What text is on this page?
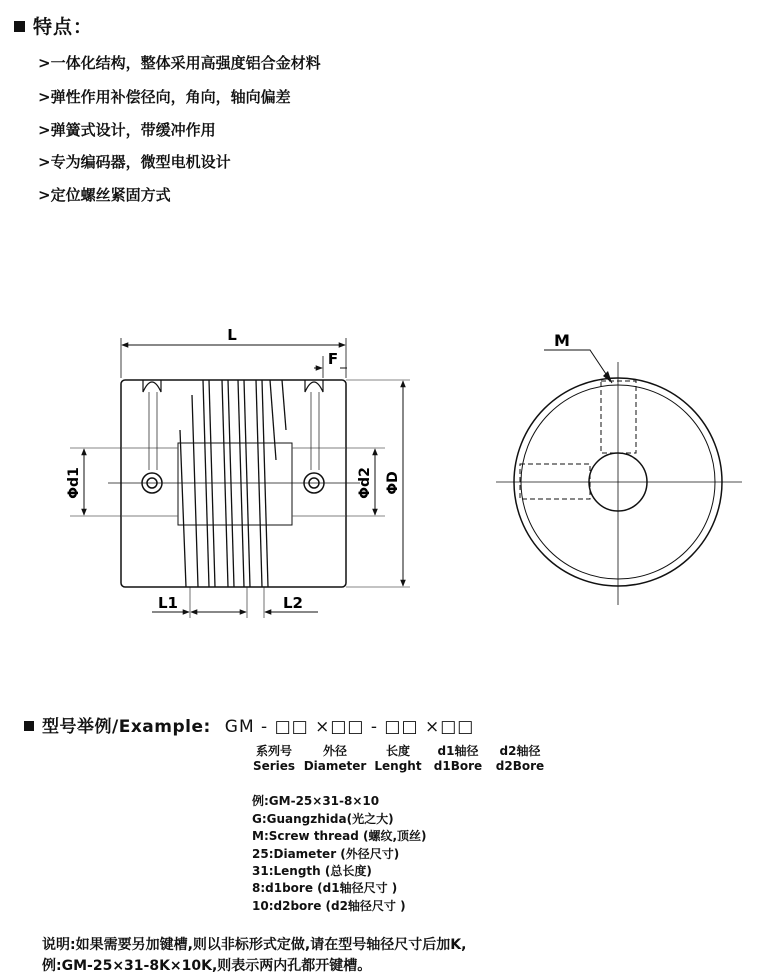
特点：
>一体化结构，整体采用高强度铝合金材料
>弹性作用补偿径向，角向，轴向偏差
>弹簧式设计，带缓冲作用
>专为编码器，微型电机设计
>定位螺丝紧固方式
L
F
Φd1	Φd2 ΦD
L1	L2
M
型号举例/Example: GM - □□ ×□□ - □□ ×□□
系列号
Series
外径
Diameter
长度
Lenght
d1轴径
d1Bore
d2轴径
d2Bore
例:GM-25×31-8×10
G:Guangzhida(光之大)
M:Screw thread (螺纹,顶丝)
25:Diameter (外径尺寸)
31:Length (总长度)
8:d1bore (d1轴径尺寸 )
10:d2bore (d2轴径尺寸 )
说明:如果需要另加键槽,则以非标形式定做,请在型号轴径尺寸后加K,
例:GM-25×31-8K×10K,则表示两内孔都开键槽。
